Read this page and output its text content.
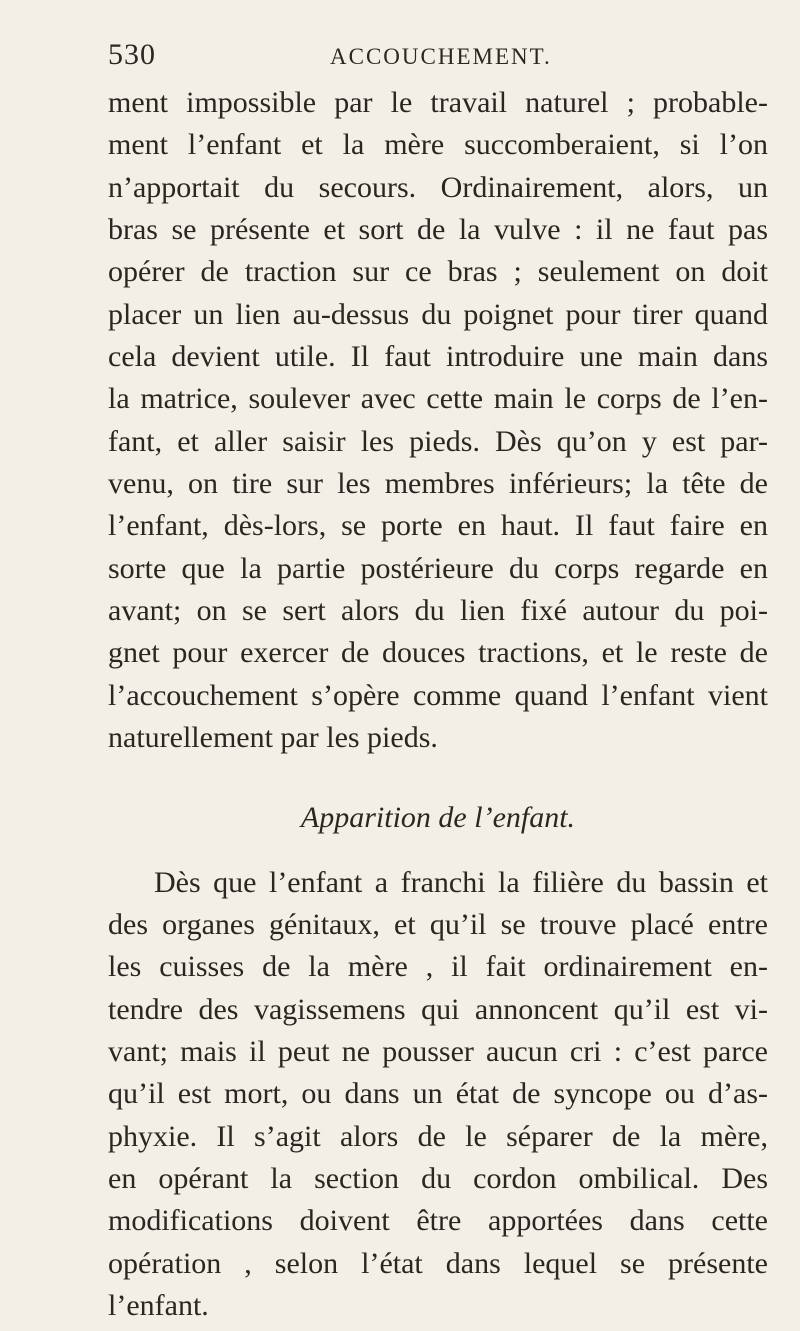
530	ACCOUCHEMENT.
ment impossible par le travail naturel ; probable-
ment l’enfant et la mère succomberaient, si l’on
n’apportait du secours. Ordinairement, alors, un
bras se présente et sort de la vulve : il ne faut pas
opérer de traction sur ce bras ; seulement on doit
placer un lien au-dessus du poignet pour tirer quand
cela devient utile. Il faut introduire une main dans
la matrice, soulever avec cette main le corps de l’en-
fant, et aller saisir les pieds. Dès qu’on y est par-
venu, on tire sur les membres inférieurs; la tête de
l’enfant, dès-lors, se porte en haut. Il faut faire en
sorte que la partie postérieure du corps regarde en
avant; on se sert alors du lien fixé autour du poi-
gnet pour exercer de douces tractions, et le reste de
l’accouchement s’opère comme quand l’enfant vient
naturellement par les pieds.
Apparition de l’enfant.
Dès que l’enfant a franchi la filière du bassin et
des organes génitaux, et qu’il se trouve placé entre
les cuisses de la mère , il fait ordinairement en-
tendre des vagissemens qui annoncent qu’il est vi-
vant; mais il peut ne pousser aucun cri : c’est parce
qu’il est mort, ou dans un état de syncope ou d’as-
phyxie. Il s’agit alors de le séparer de la mère,
en opérant la section du cordon ombilical. Des
modifications doivent être apportées dans cette
opération , selon l’état dans lequel se présente
l’enfant.
